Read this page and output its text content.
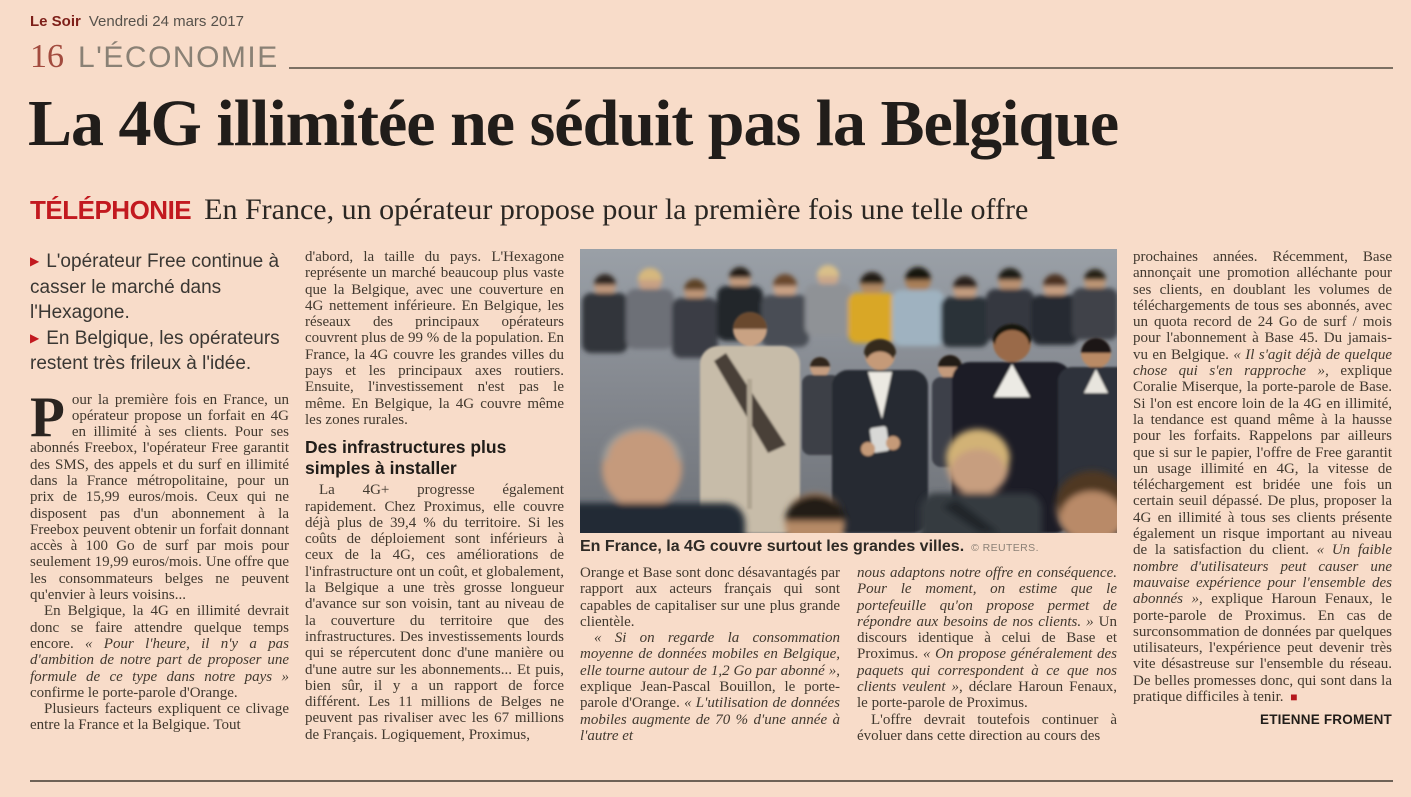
Le Soir Vendredi 24 mars 2017
16 L'ÉCONOMIE
La 4G illimitée ne séduit pas la Belgique
TÉLÉPHONIE En France, un opérateur propose pour la première fois une telle offre

▶ L'opérateur Free continue à casser le marché dans l'Hexagone.

▶ En Belgique, les opérateurs restent très frileux à l'idée.

Pour la première fois en France, un opérateur propose un forfait en 4G en illimité à ses clients. Pour ses abonnés Freebox, l'opérateur Free garantit des SMS, des appels et du surf en illimité dans la France métropolitaine, pour un prix de 15,99 euros/mois. Ceux qui ne disposent pas d'un abonnement à la Freebox peuvent obtenir un forfait donnant accès à 100 Go de surf par mois pour seulement 19,99 euros/mois. Une offre que les consommateurs belges ne peuvent qu'envier à leurs voisins...

En Belgique, la 4G en illimité devrait donc se faire attendre quelque temps encore. « Pour l'heure, il n'y a pas d'ambition de notre part de proposer une formule de ce type dans notre pays » confirme le porte-parole d'Orange.

Plusieurs facteurs expliquent ce clivage entre la France et la Belgique. Tout

d'abord, la taille du pays. L'Hexagone représente un marché beaucoup plus vaste que la Belgique, avec une couverture en 4G nettement inférieure. En Belgique, les réseaux des principaux opérateurs couvrent plus de 99 % de la population. En France, la 4G couvre les grandes villes du pays et les principaux axes routiers. Ensuite, l'investissement n'est pas le même. En Belgique, la 4G couvre même les zones rurales.

Des infrastructures plus simples à installer

La 4G+ progresse également rapidement. Chez Proximus, elle couvre déjà plus de 39,4 % du territoire. Si les coûts de déploiement sont inférieurs à ceux de la 4G, ces améliorations de l'infrastructure ont un coût, et globalement, la Belgique a une très grosse longueur d'avance sur son voisin, tant au niveau de la couverture du territoire que des infrastructures. Des investissements lourds qui se répercutent donc d'une manière ou d'une autre sur les abonnements... Et puis, bien sûr, il y a un rapport de force différent. Les 11 millions de Belges ne peuvent pas rivaliser avec les 67 millions de Français. Logiquement, Proximus,

En France, la 4G couvre surtout les grandes villes. © REUTERS.

Orange et Base sont donc désavantagés par rapport aux acteurs français qui sont capables de capitaliser sur une plus grande clientèle.

« Si on regarde la consommation moyenne de données mobiles en Belgique, elle tourne autour de 1,2 Go par abonné », explique Jean-Pascal Bouillon, le porte-parole d'Orange. « L'utilisation de données mobiles augmente de 70 % d'une année à l'autre et

nous adaptons notre offre en conséquence. Pour le moment, on estime que le portefeuille qu'on propose permet de répondre aux besoins de nos clients. » Un discours identique à celui de Base et Proximus. « On propose généralement des paquets qui correspondent à ce que nos clients veulent », déclare Haroun Fenaux, le porte-parole de Proximus.

L'offre devrait toutefois continuer à évoluer dans cette direction au cours des

prochaines années. Récemment, Base annonçait une promotion alléchante pour ses clients, en doublant les volumes de téléchargements de tous ses abonnés, avec un quota record de 24 Go de surf / mois pour l'abonnement à Base 45. Du jamais-vu en Belgique. « Il s'agit déjà de quelque chose qui s'en rapproche », explique Coralie Miserque, la porte-parole de Base. Si l'on est encore loin de la 4G en illimité, la tendance est quand même à la hausse pour les forfaits. Rappelons par ailleurs que si sur le papier, l'offre de Free garantit un usage illimité en 4G, la vitesse de téléchargement est bridée une fois un certain seuil dépassé. De plus, proposer la 4G en illimité à tous ses clients présente également un risque important au niveau de la satisfaction du client. « Un faible nombre d'utilisateurs peut causer une mauvaise expérience pour l'ensemble des abonnés », explique Haroun Fenaux, le porte-parole de Proximus. En cas de surconsommation de données par quelques utilisateurs, l'expérience peut devenir très vite désastreuse sur l'ensemble du réseau. De belles promesses donc, qui sont dans la pratique difficiles à tenir. ■

ETIENNE FROMENT
